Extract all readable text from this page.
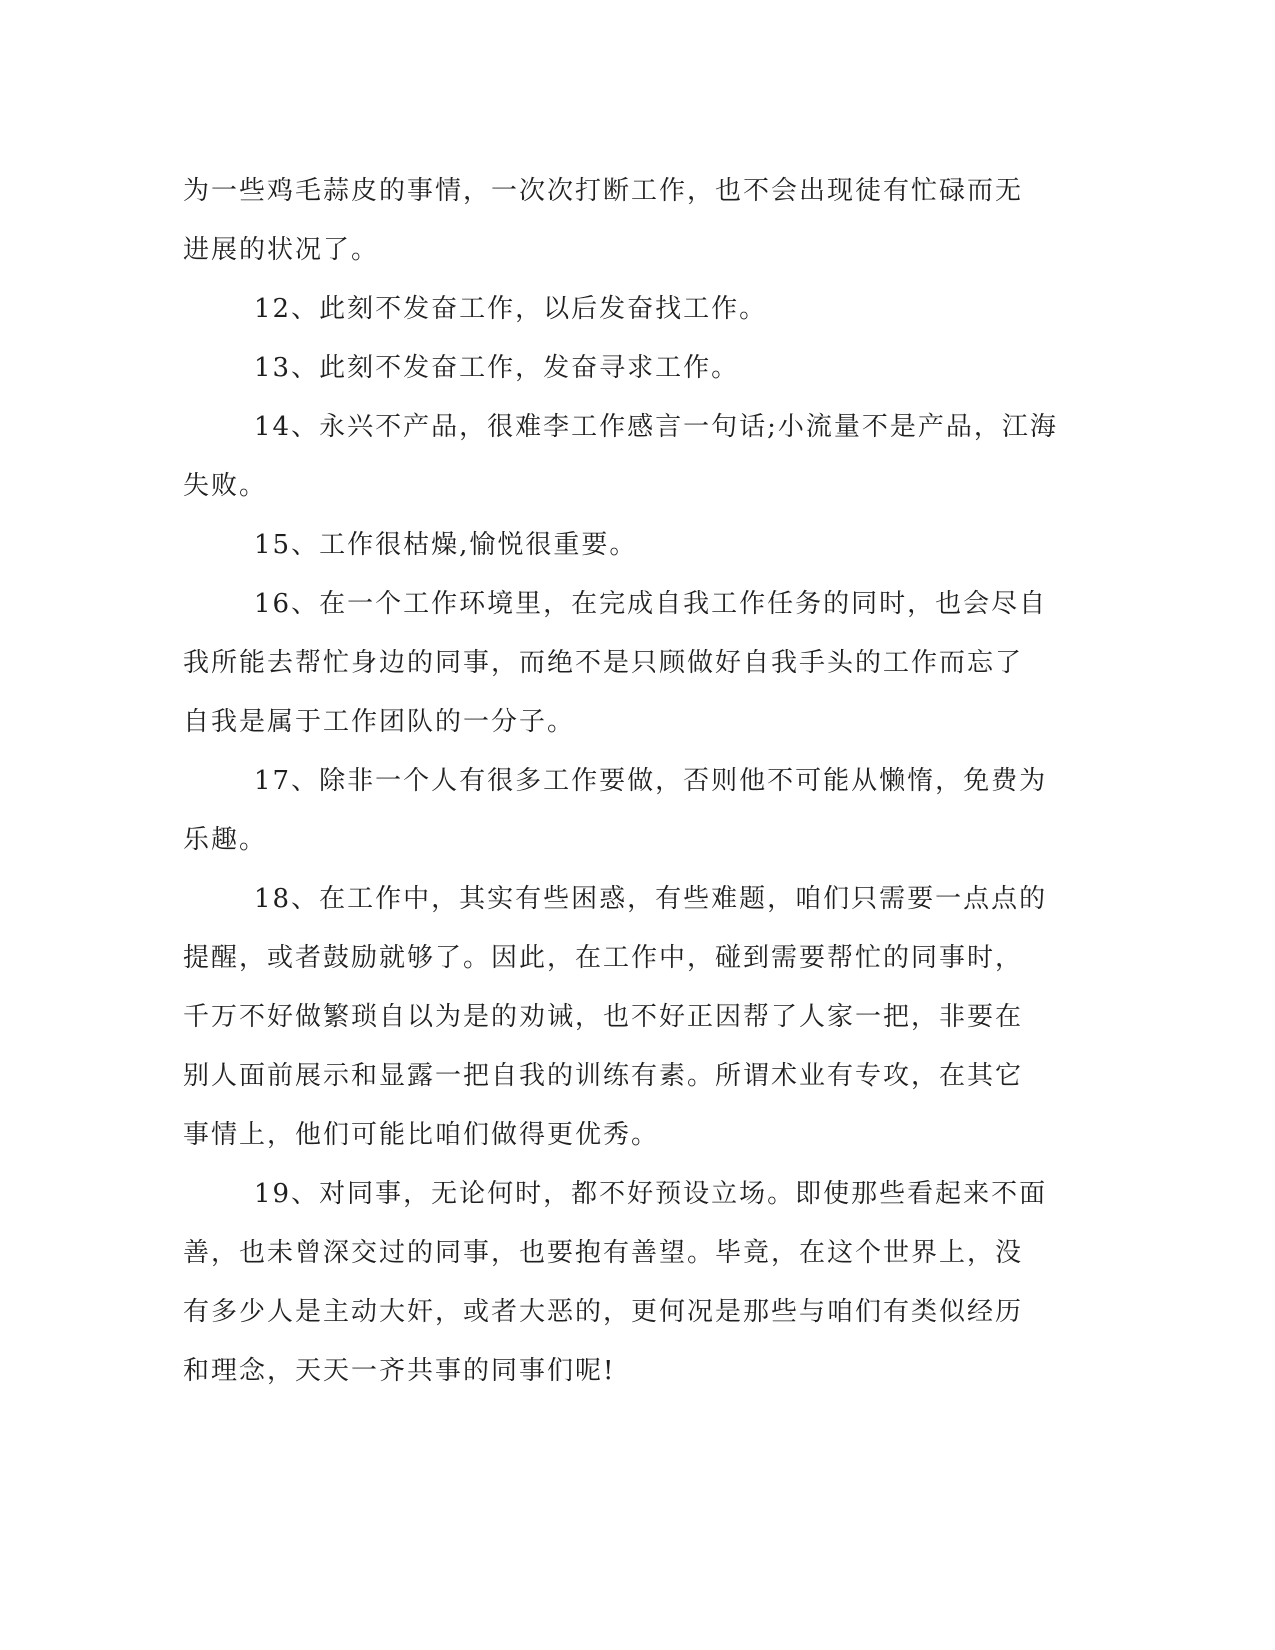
为一些鸡毛蒜皮的事情，一次次打断工作，也不会出现徒有忙碌而无
进展的状况了。

12、此刻不发奋工作，以后发奋找工作。

13、此刻不发奋工作，发奋寻求工作。

14、永兴不产品，很难李工作感言一句话;小流量不是产品，江海
失败。

15、工作很枯燥,愉悦很重要。

16、在一个工作环境里，在完成自我工作任务的同时，也会尽自
我所能去帮忙身边的同事，而绝不是只顾做好自我手头的工作而忘了
自我是属于工作团队的一分子。

17、除非一个人有很多工作要做，否则他不可能从懒惰，免费为
乐趣。

18、在工作中，其实有些困惑，有些难题，咱们只需要一点点的
提醒，或者鼓励就够了。因此，在工作中，碰到需要帮忙的同事时，
千万不好做繁琐自以为是的劝诫，也不好正因帮了人家一把，非要在
别人面前展示和显露一把自我的训练有素。所谓术业有专攻，在其它
事情上，他们可能比咱们做得更优秀。

19、对同事，无论何时，都不好预设立场。即使那些看起来不面
善，也未曾深交过的同事，也要抱有善望。毕竟，在这个世界上，没
有多少人是主动大奸，或者大恶的，更何况是那些与咱们有类似经历
和理念，天天一齐共事的同事们呢!
